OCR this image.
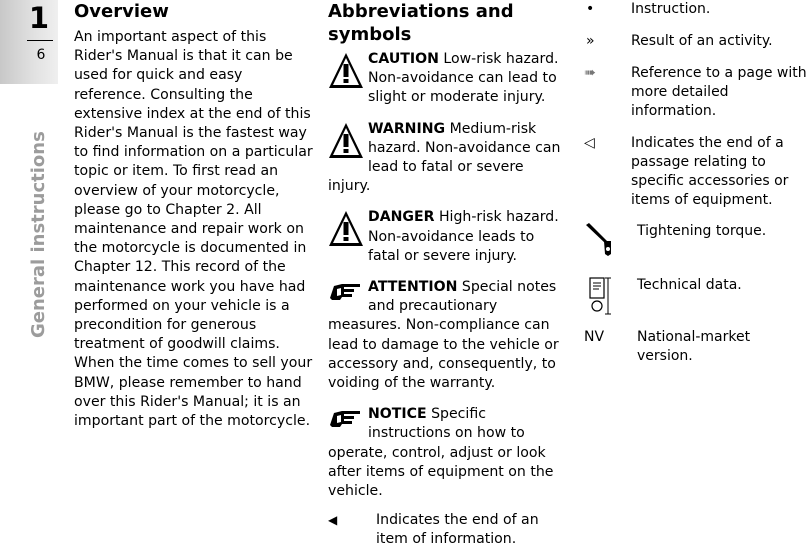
1
6
General instructions
Overview

An important aspect of this Rider's Manual is that it can be used for quick and easy reference. Consulting the extensive index at the end of this Rider's Manual is the fastest way to find information on a particular topic or item. To first read an overview of your motorcycle, please go to Chapter 2. All maintenance and repair work on the motorcycle is documented in Chapter 12. This record of the maintenance work you have had performed on your vehicle is a precondition for generous treatment of goodwill claims. When the time comes to sell your BMW, please remember to hand over this Rider's Manual; it is an important part of the motorcycle.

Abbreviations and symbols
CAUTION Low-risk hazard. Non-avoidance can lead to slight or moderate injury.
WARNING Medium-risk hazard. Non-avoidance can lead to fatal or severe injury.
DANGER High-risk hazard. Non-avoidance leads to fatal or severe injury.
ATTENTION Special notes and precautionary measures. Non-compliance can lead to damage to the vehicle or accessory and, consequently, to voiding of the warranty.
NOTICE Specific instructions on how to operate, control, adjust or look after items of equipment on the vehicle.
◀	Indicates the end of an item of information.
•	Instruction.
»	Result of an activity.
➠	Reference to a page with more detailed information.
◁	Indicates the end of a passage relating to specific accessories or items of equipment.
Tightening torque.
Technical data.
NV	National-market version.
